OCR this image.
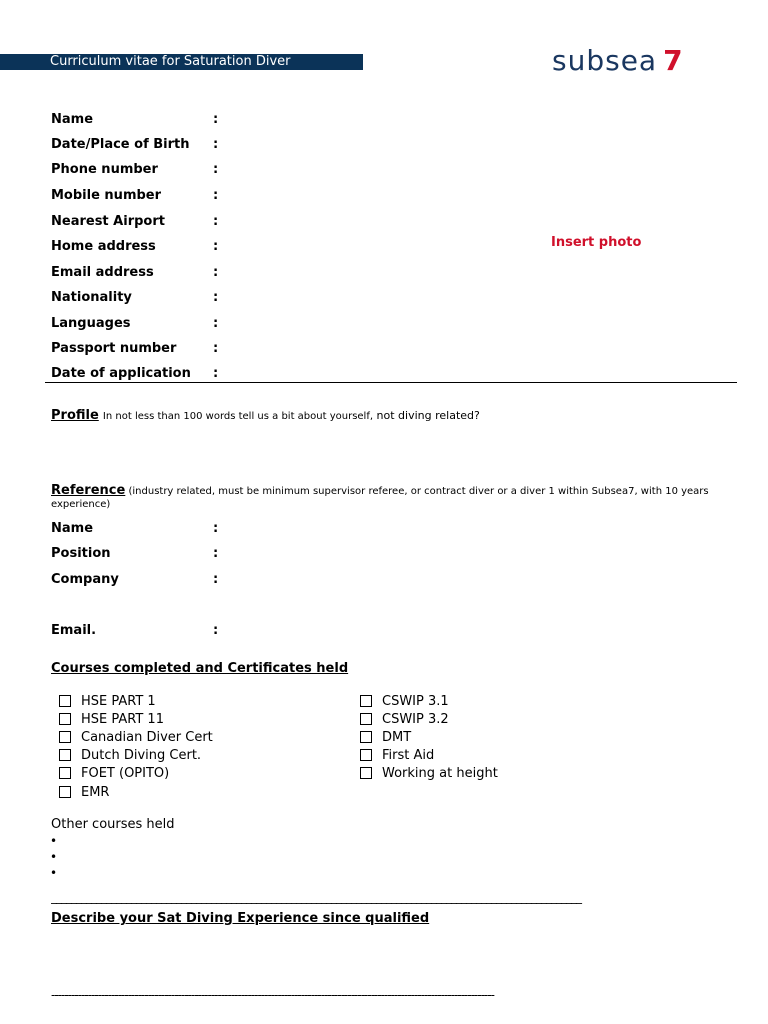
Curriculum vitae for Saturation Diver	subsea 7
Name	:
Date/Place of Birth :
Phone number	:
Mobile number	:
Nearest Airport	:
Home address	:
Email address	:
Nationality	:
Languages	:
Passport number	:
Date of application :
Insert photo
Profile In not less than 100 words tell us a bit about yourself, not diving related?
Reference (industry related, must be minimum supervisor referee, or contract diver or a diver 1 within Subsea7, with 10 years experience)
Name	:
Position	:
Company	:
Email.	:
Courses completed and Certificates held
HSE PART 1
HSE PART 11
Canadian Diver Cert
Dutch Diving Cert.
FOET (OPITO)
EMR
CSWIP 3.1
CSWIP 3.2
DMT
First Aid
Working at height
Other courses held
•
•
•
__________________________________________________________________________________________________________
Describe your Sat Diving Experience since qualified
-------------------------------------------------------------------------------------------------------------------------------------
